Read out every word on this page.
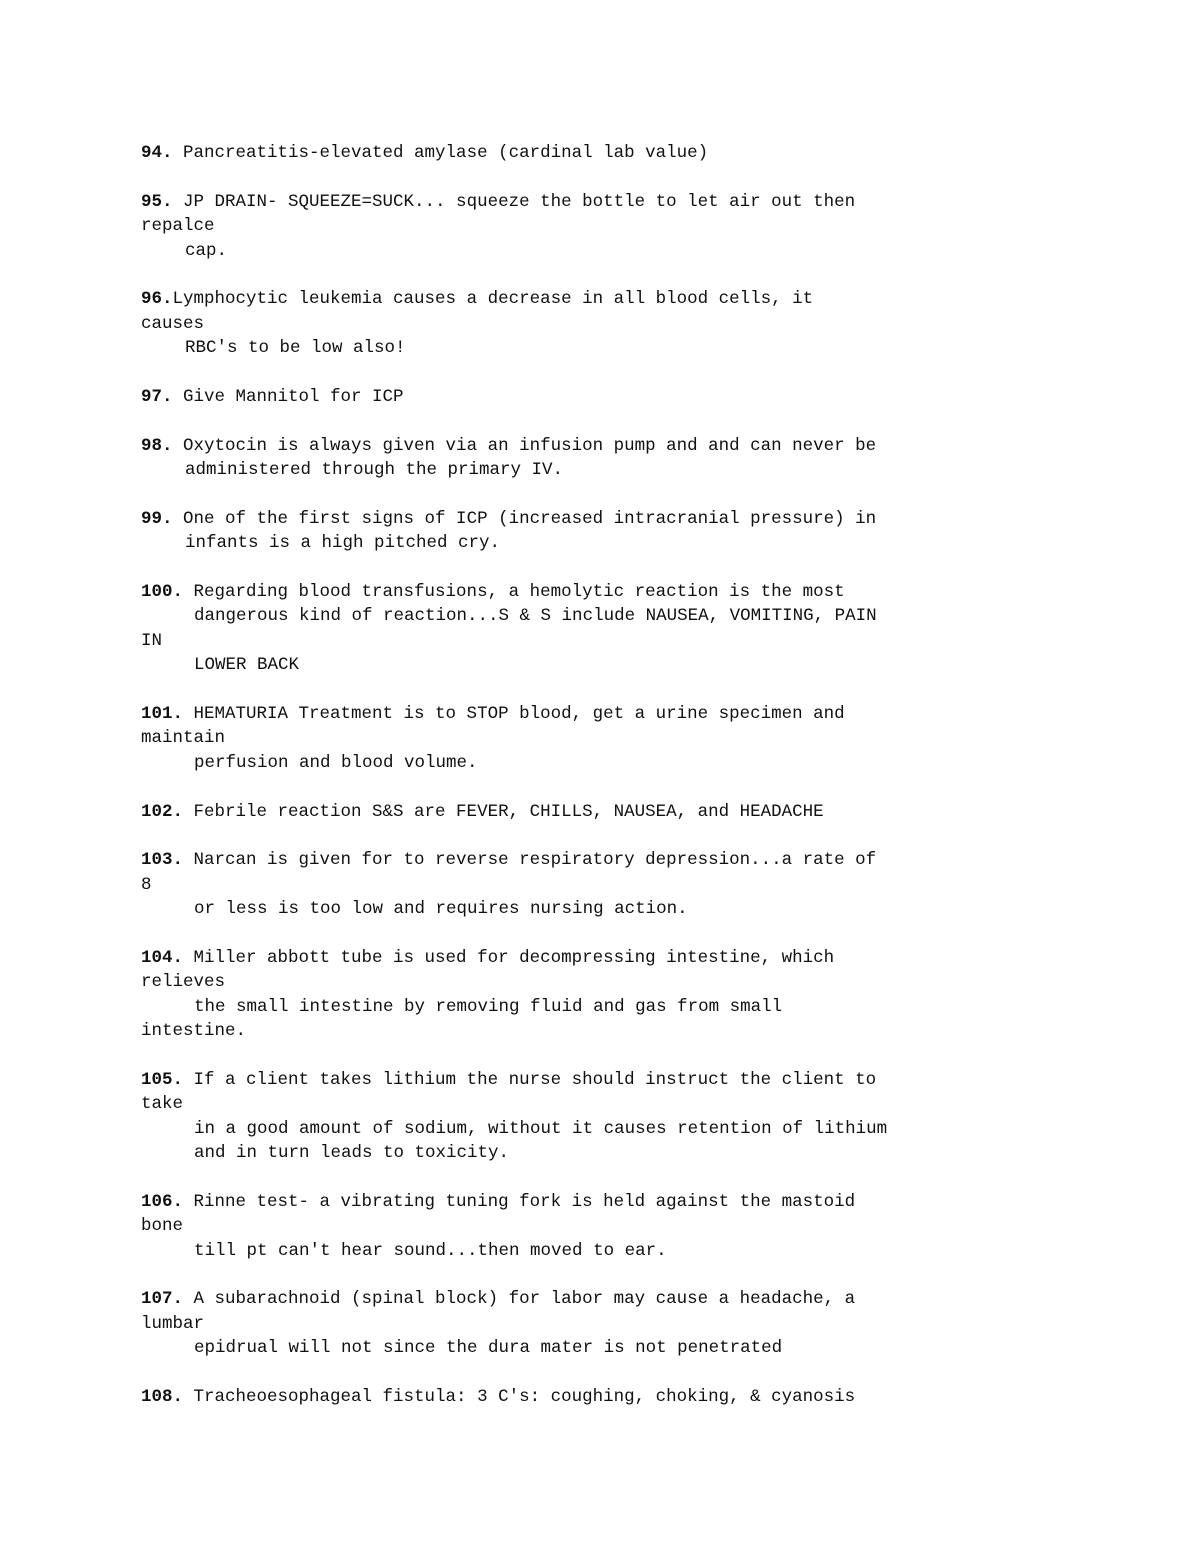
94. Pancreatitis-elevated amylase (cardinal lab value)
95. JP DRAIN- SQUEEZE=SUCK... squeeze the bottle to let air out then
repalce
cap.
96.Lymphocytic leukemia causes a decrease in all blood cells, it
causes
RBC's to be low also!
97. Give Mannitol for ICP
98. Oxytocin is always given via an infusion pump and and can never be
administered through the primary IV.
99. One of the first signs of ICP (increased intracranial pressure) in
infants is a high pitched cry.
100. Regarding blood transfusions, a hemolytic reaction is the most
dangerous kind of reaction...S & S include NAUSEA, VOMITING, PAIN
IN
LOWER BACK
101. HEMATURIA Treatment is to STOP blood, get a urine specimen and
maintain
perfusion and blood volume.
102. Febrile reaction S&S are FEVER, CHILLS, NAUSEA, and HEADACHE
103. Narcan is given for to reverse respiratory depression...a rate of
8
or less is too low and requires nursing action.
104. Miller abbott tube is used for decompressing intestine, which
relieves
the small intestine by removing fluid and gas from small
intestine.
105. If a client takes lithium the nurse should instruct the client to
take
in a good amount of sodium, without it causes retention of lithium
and in turn leads to toxicity.
106. Rinne test- a vibrating tuning fork is held against the mastoid
bone
till pt can't hear sound...then moved to ear.
107. A subarachnoid (spinal block) for labor may cause a headache, a
lumbar
epidrual will not since the dura mater is not penetrated
108. Tracheoesophageal fistula: 3 C's: coughing, choking, & cyanosis
